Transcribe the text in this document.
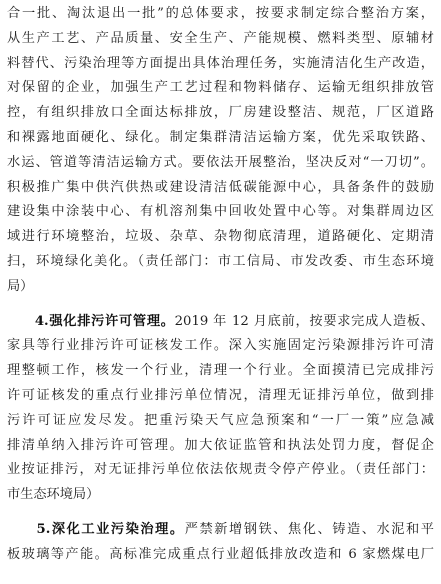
合一批、淘汰退出一批”的总体要求，按要求制定综合整治方案，
从生产工艺、产品质量、安全生产、产能规模、燃料类型、原辅材
料替代、污染治理等方面提出具体治理任务，实施清洁化生产改造，
对保留的企业，加强生产工艺过程和物料储存、运输无组织排放管
控，有组织排放口全面达标排放，厂房建设整洁、规范，厂区道路
和裸露地面硬化、绿化。制定集群清洁运输方案，优先采取铁路、
水运、管道等清洁运输方式。要依法开展整治，坚决反对“一刀切”。
积极推广集中供汽供热或建设清洁低碳能源中心，具备条件的鼓励
建设集中涂装中心、有机溶剂集中回收处置中心等。对集群周边区
域进行环境整治，垃圾、杂草、杂物彻底清理，道路硬化、定期清
扫，环境绿化美化。（责任部门：市工信局、市发改委、市生态环境
局）
　　4.强化排污许可管理。2019 年 12 月底前，按要求完成人造板、
家具等行业排污许可证核发工作。深入实施固定污染源排污许可清
理整顿工作，核发一个行业，清理一个行业。全面摸清已完成排污
许可证核发的重点行业排污单位情况，清理无证排污单位，做到排
污许可证应发尽发。把重污染天气应急预案和“一厂一策”应急减
排清单纳入排污许可管理。加大依证监管和执法处罚力度，督促企
业按证排污，对无证排污单位依法依规责令停产停业。（责任部门：
市生态环境局）
　　5.深化工业污染治理。严禁新增钢铁、焦化、铸造、水泥和平
板玻璃等产能。高标准完成重点行业超低排放改造和 6 家燃煤电厂
